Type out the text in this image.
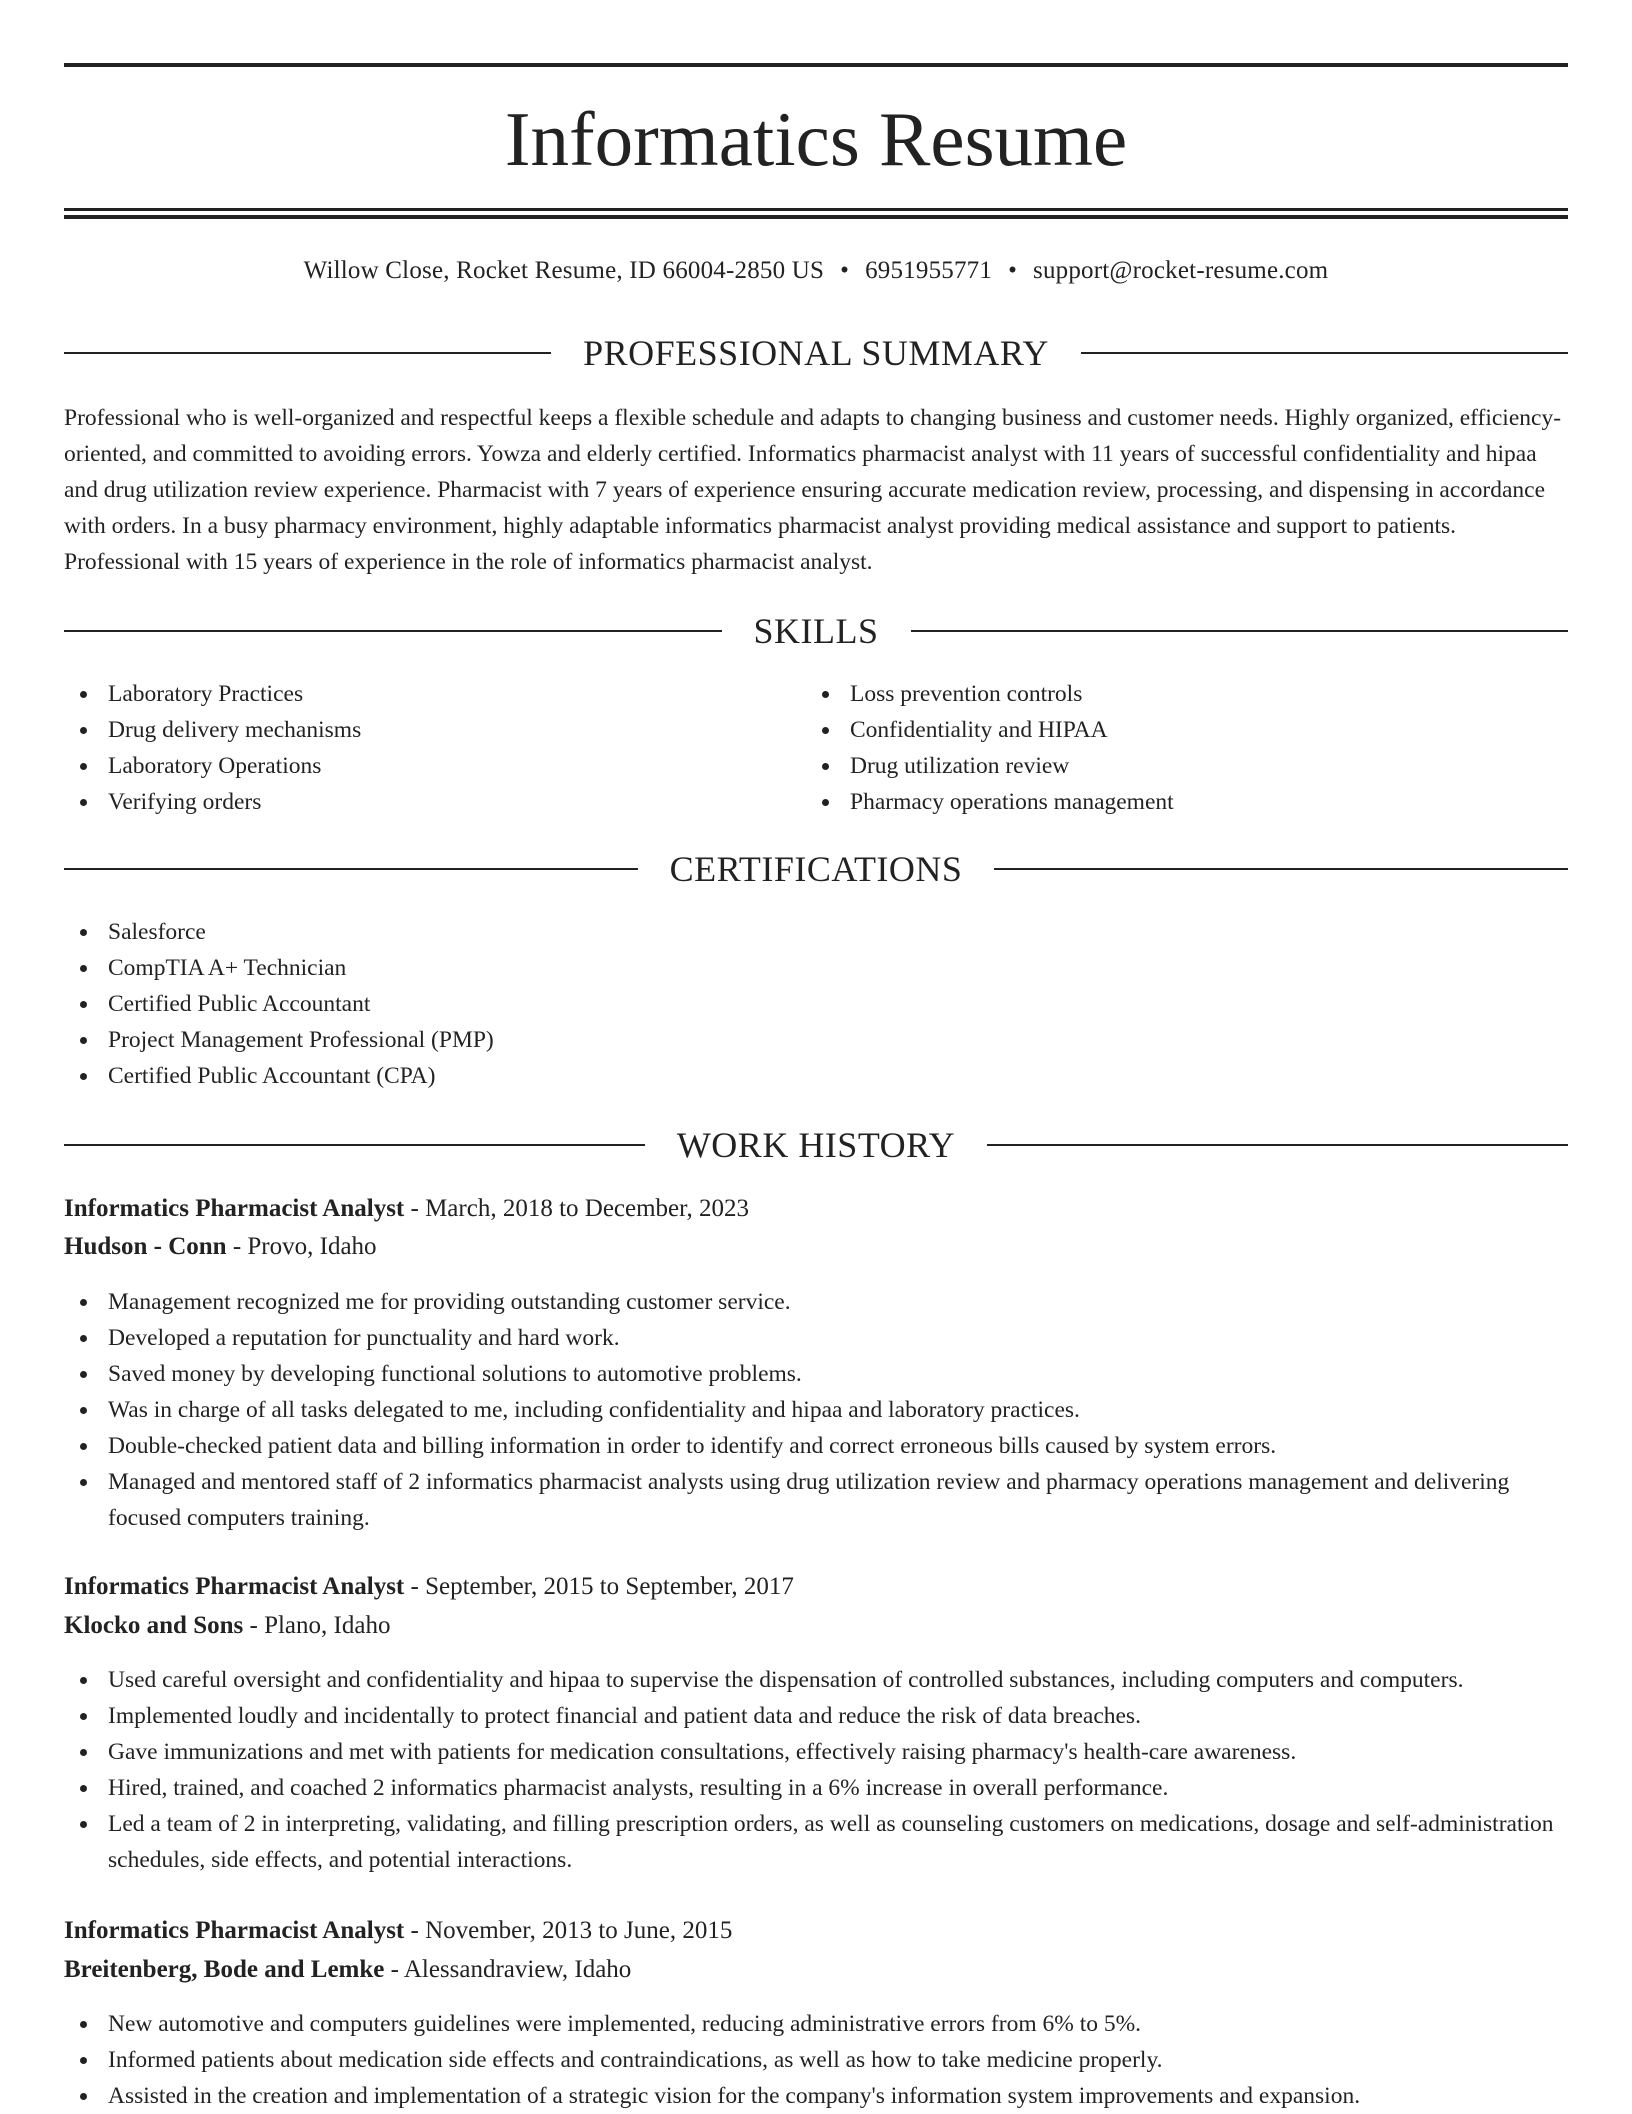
Informatics Resume
Willow Close, Rocket Resume, ID 66004-2850 US • 6951955771 • support@rocket-resume.com
PROFESSIONAL SUMMARY

Professional who is well-organized and respectful keeps a flexible schedule and adapts to changing business and customer needs. Highly organized, efficiency-oriented, and committed to avoiding errors. Yowza and elderly certified. Informatics pharmacist analyst with 11 years of successful confidentiality and hipaa and drug utilization review experience. Pharmacist with 7 years of experience ensuring accurate medication review, processing, and dispensing in accordance with orders. In a busy pharmacy environment, highly adaptable informatics pharmacist analyst providing medical assistance and support to patients. Professional with 15 years of experience in the role of informatics pharmacist analyst.

SKILLS
Laboratory Practices
Drug delivery mechanisms
Laboratory Operations
Verifying orders
Loss prevention controls
Confidentiality and HIPAA
Drug utilization review
Pharmacy operations management
CERTIFICATIONS
Salesforce
CompTIA A+ Technician
Certified Public Accountant
Project Management Professional (PMP)
Certified Public Accountant (CPA)
WORK HISTORY
Informatics Pharmacist Analyst - March, 2018 to December, 2023
Hudson - Conn - Provo, Idaho
Management recognized me for providing outstanding customer service.
Developed a reputation for punctuality and hard work.
Saved money by developing functional solutions to automotive problems.
Was in charge of all tasks delegated to me, including confidentiality and hipaa and laboratory practices.
Double-checked patient data and billing information in order to identify and correct erroneous bills caused by system errors.
Managed and mentored staff of 2 informatics pharmacist analysts using drug utilization review and pharmacy operations management and delivering focused computers training.
Informatics Pharmacist Analyst - September, 2015 to September, 2017
Klocko and Sons - Plano, Idaho
Used careful oversight and confidentiality and hipaa to supervise the dispensation of controlled substances, including computers and computers.
Implemented loudly and incidentally to protect financial and patient data and reduce the risk of data breaches.
Gave immunizations and met with patients for medication consultations, effectively raising pharmacy's health-care awareness.
Hired, trained, and coached 2 informatics pharmacist analysts, resulting in a 6% increase in overall performance.
Led a team of 2 in interpreting, validating, and filling prescription orders, as well as counseling customers on medications, dosage and self-administration schedules, side effects, and potential interactions.
Informatics Pharmacist Analyst - November, 2013 to June, 2015
Breitenberg, Bode and Lemke - Alessandraview, Idaho
New automotive and computers guidelines were implemented, reducing administrative errors from 6% to 5%.
Informed patients about medication side effects and contraindications, as well as how to take medicine properly.
Assisted in the creation and implementation of a strategic vision for the company's information system improvements and expansion.
